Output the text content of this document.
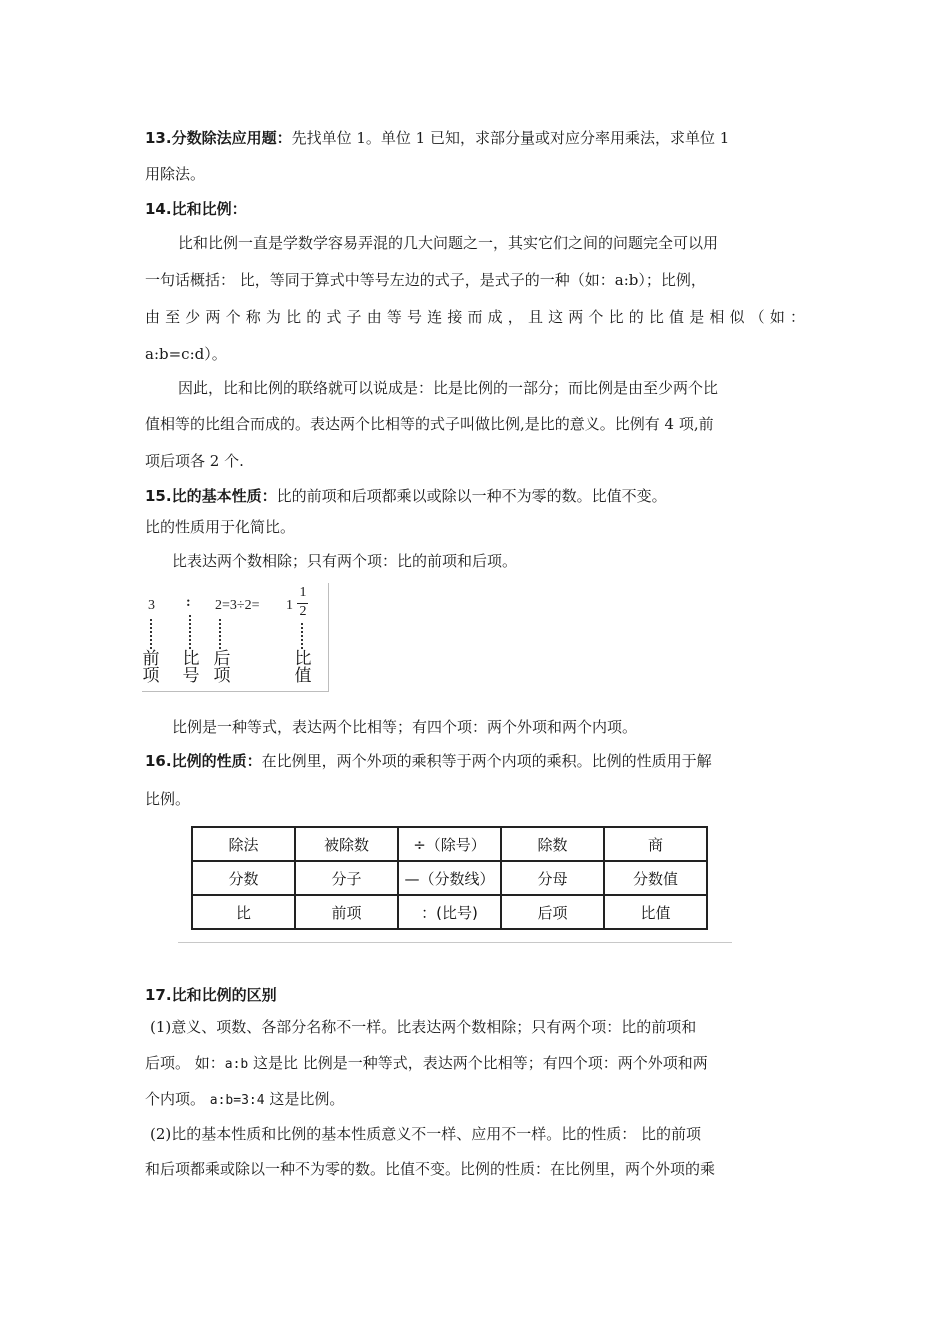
13.分数除法应用题：先找单位 1。单位 1 已知，求部分量或对应分率用乘法，求单位 1
用除法。
14.比和比例：
比和比例一直是学数学容易弄混的几大问题之一，其实它们之间的问题完全可以用
一句话概括： 比，等同于算式中等号左边的式子，是式子的一种（如：a:b）；比例，
由至少两个称为比的式子由等号连接而成，且这两个比的比值是相似（如：
a:b=c:d）。
因此，比和比例的联络就可以说成是：比是比例的一部分；而比例是由至少两个比
值相等的比组合而成的。表达两个比相等的式子叫做比例,是比的意义。比例有 4 项,前
项后项各 2 个.
15.比的基本性质：比的前项和后项都乘以或除以一种不为零的数。比值不变。
比的性质用于化简比。
比表达两个数相除；只有两个项：比的前项和后项。
3 : 2=3÷2= 1
1
2
前项
比号
后项
比值
比例是一种等式，表达两个比相等；有四个项：两个外项和两个内项。
16.比例的性质：在比例里，两个外项的乘积等于两个内项的乘积。比例的性质用于解
比例。
除法	被除数	÷（除号）	除数	商
分数	分子	—（分数线）	分母	分数值
比	前项	：(比号)	后项	比值
17.比和比例的区别
(1)意义、项数、各部分名称不一样。比表达两个数相除；只有两个项：比的前项和
后项。 如：a:b 这是比 比例是一种等式，表达两个比相等；有四个项：两个外项和两
个内项。 a:b=3:4 这是比例。
(2)比的基本性质和比例的基本性质意义不一样、应用不一样。比的性质： 比的前项
和后项都乘或除以一种不为零的数。比值不变。比例的性质：在比例里，两个外项的乘
